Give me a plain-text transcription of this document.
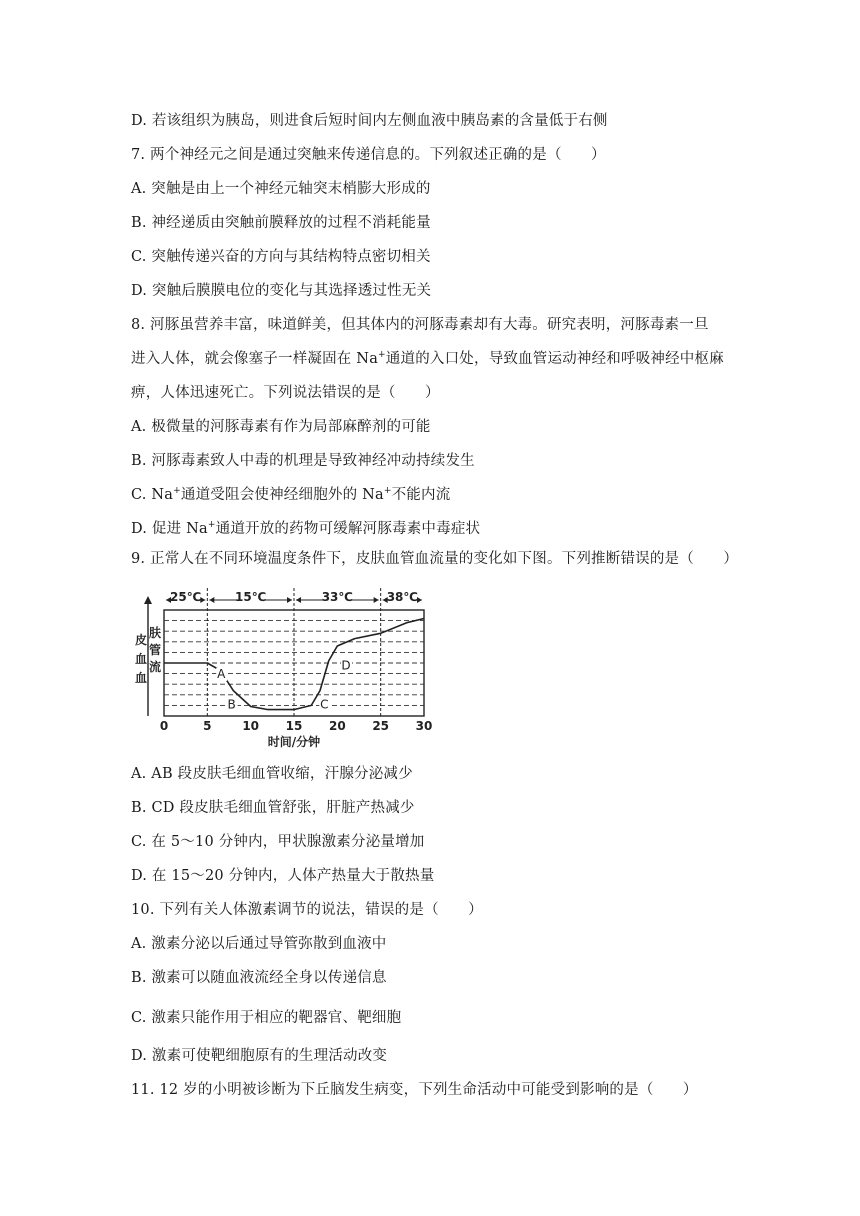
D. 若该组织为胰岛，则进食后短时间内左侧血液中胰岛素的含量低于右侧
7. 两个神经元之间是通过突触来传递信息的。下列叙述正确的是（　　）
A. 突触是由上一个神经元轴突末梢膨大形成的
B. 神经递质由突触前膜释放的过程不消耗能量
C. 突触传递兴奋的方向与其结构特点密切相关
D. 突触后膜膜电位的变化与其选择透过性无关
8. 河豚虽营养丰富，味道鲜美，但其体内的河豚毒素却有大毒。研究表明，河豚毒素一旦
进入人体，就会像塞子一样凝固在 Na+通道的入口处，导致血管运动神经和呼吸神经中枢麻
痹，人体迅速死亡。下列说法错误的是（　　）
A. 极微量的河豚毒素有作为局部麻醉剂的可能
B. 河豚毒素致人中毒的机理是导致神经冲动持续发生
C. Na+通道受阻会使神经细胞外的 Na+不能内流
D. 促进 Na+通道开放的药物可缓解河豚毒素中毒症状
9. 正常人在不同环境温度条件下，皮肤血管血流量的变化如下图。下列推断错误的是（　　）
25℃	15℃	33℃	38℃
皮
血
血
肤
管
流
0	5	10 15 20 25 30
时间/分钟
A
B	C
D
A. AB 段皮肤毛细血管收缩，汗腺分泌减少
B. CD 段皮肤毛细血管舒张，肝脏产热减少
C. 在 5～10 分钟内，甲状腺激素分泌量增加
D. 在 15～20 分钟内，人体产热量大于散热量
10. 下列有关人体激素调节的说法，错误的是（　　）
A. 激素分泌以后通过导管弥散到血液中
B. 激素可以随血液流经全身以传递信息
C. 激素只能作用于相应的靶器官、靶细胞
D. 激素可使靶细胞原有的生理活动改变
11. 12 岁的小明被诊断为下丘脑发生病变，下列生命活动中可能受到影响的是（　　）
